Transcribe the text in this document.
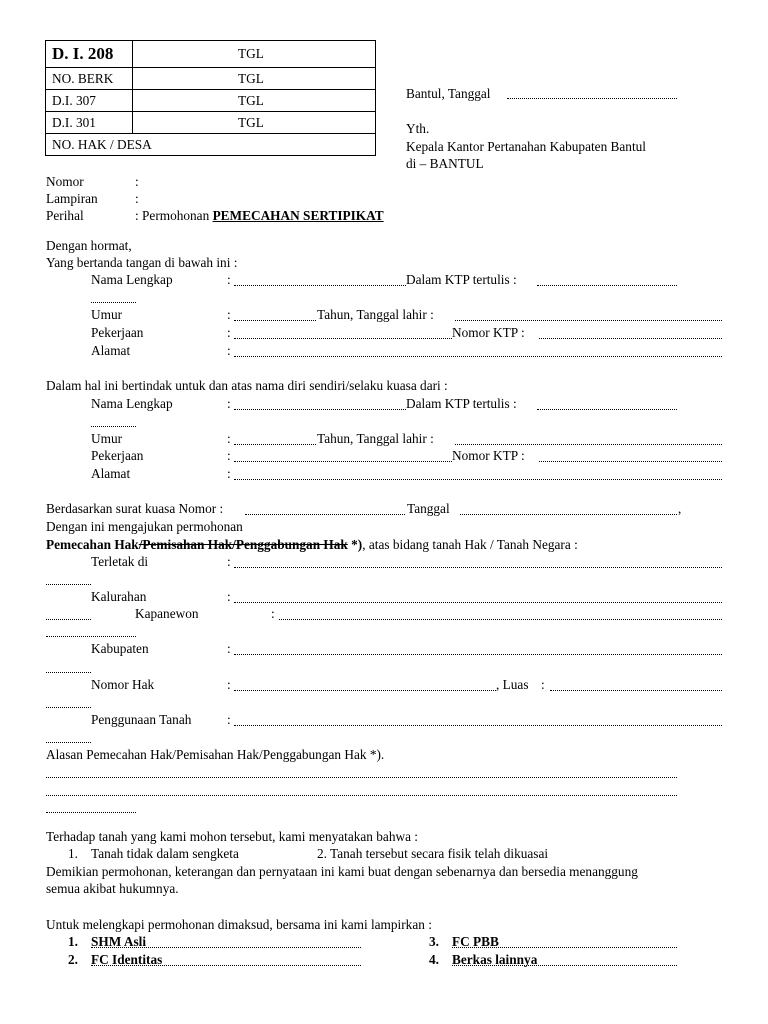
D. I. 208	TGL
NO. BERK	TGL
D.I. 307	TGL
D.I. 301	TGL
NO. HAK / DESA	
Bantul, Tanggal
Yth.
Kepala Kantor Pertanahan Kabupaten Bantul
di – BANTUL
Nomor	:
Lampiran	:
Perihal	: Permohonan PEMECAHAN SERTIPIKAT
Dengan hormat,
Yang bertanda tangan di bawah ini :
Nama Lengkap	:	Dalam KTP tertulis :
Umur	:	Tahun, Tanggal lahir :
Pekerjaan	:	Nomor KTP :
Alamat	:
Dalam hal ini bertindak untuk dan atas nama diri sendiri/selaku kuasa dari :
Nama Lengkap	:	Dalam KTP tertulis :
Umur	:	Tahun, Tanggal lahir :
Pekerjaan	:	Nomor KTP :
Alamat	:
Berdasarkan surat kuasa Nomor :	Tanggal	,
Dengan ini mengajukan permohonan
Pemecahan Hak/Pemisahan Hak/Penggabungan Hak *), atas bidang tanah Hak / Tanah Negara :
Terletak di	:
Kalurahan	:
Kapanewon	:
Kabupaten	:
Nomor Hak	:	, Luas :
Penggunaan Tanah	:
Alasan Pemecahan Hak/Pemisahan Hak/Penggabungan Hak *).
Terhadap tanah yang kami mohon tersebut, kami menyatakan bahwa :
1. Tanah tidak dalam sengketa	2. Tanah tersebut secara fisik telah dikuasai
Demikian permohonan, keterangan dan pernyataan ini kami buat dengan sebenarnya dan bersedia menanggung
semua akibat hukumnya.
Untuk melengkapi permohonan dimaksud, bersama ini kami lampirkan :
1. SHM Asli
2. FC Identitas
3. FC PBB
4. Berkas lainnya
